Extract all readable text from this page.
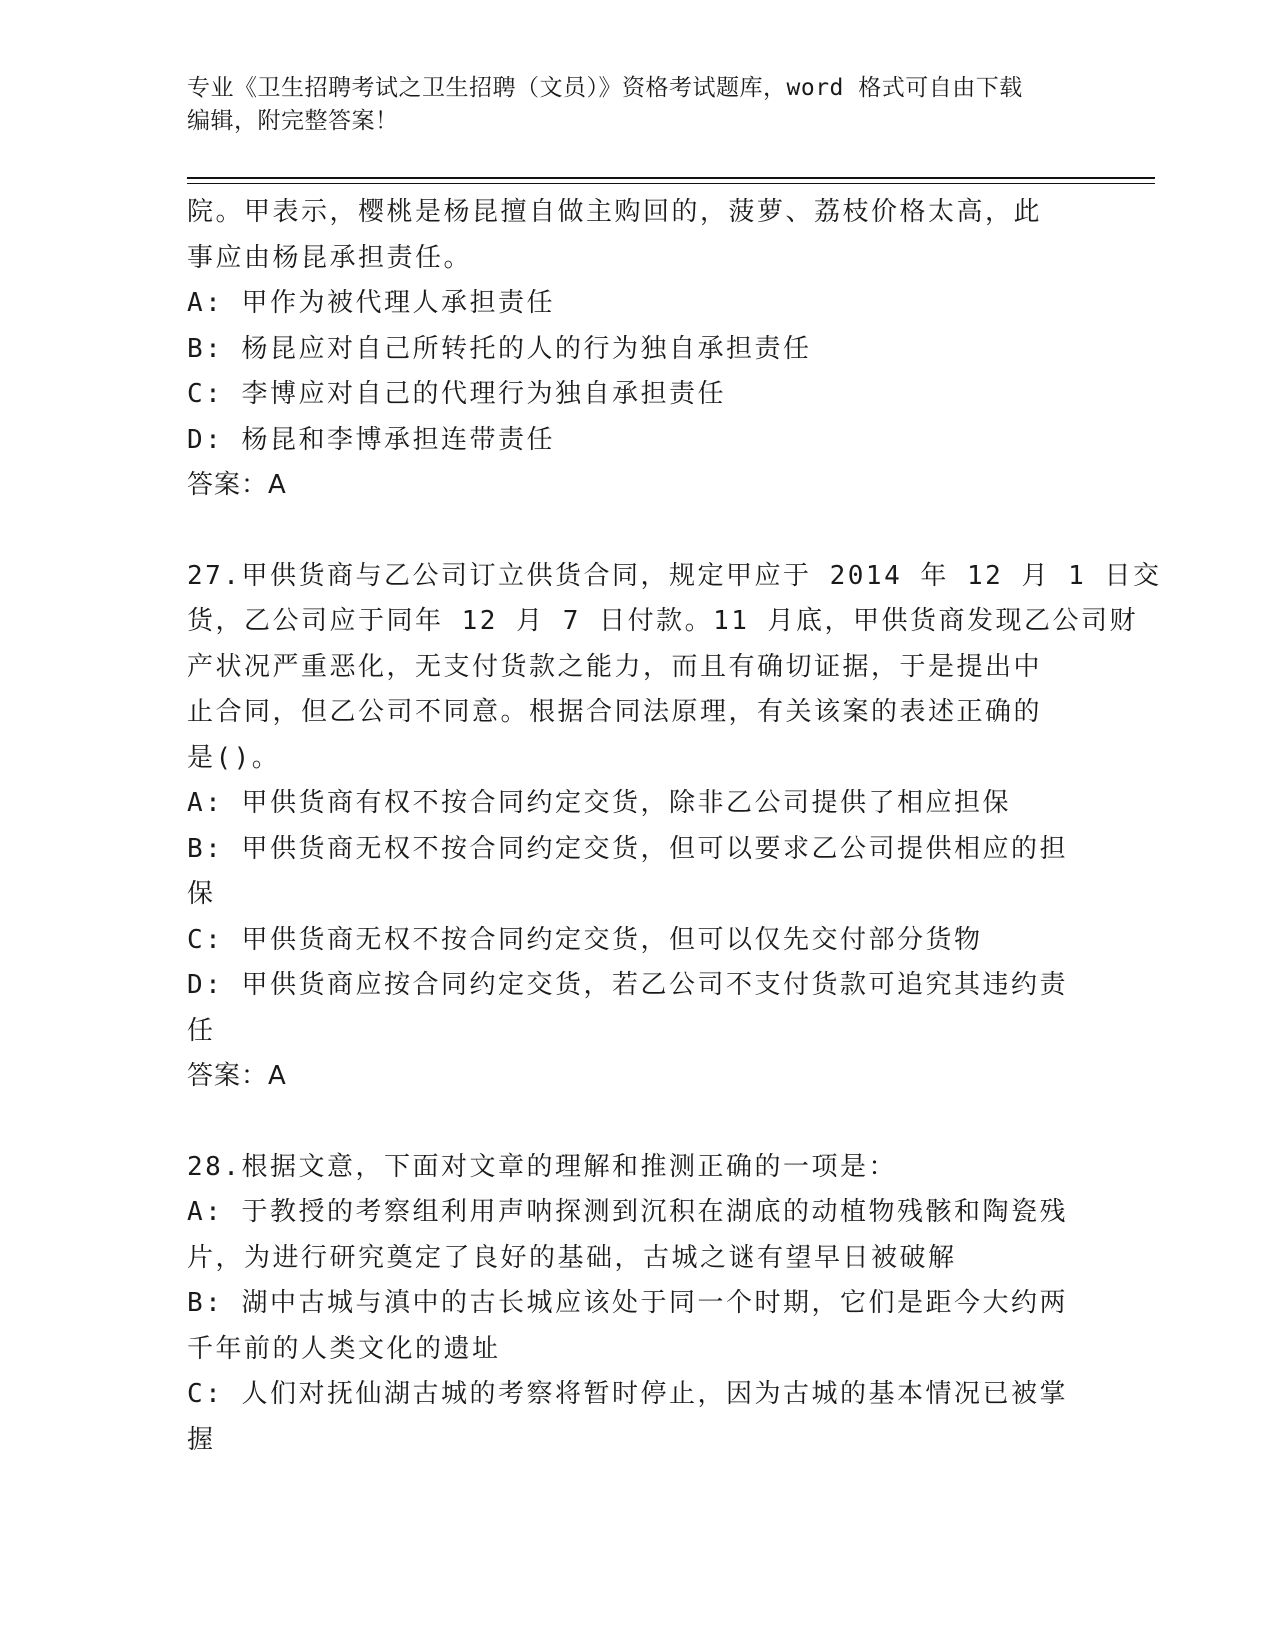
专业《卫生招聘考试之卫生招聘（文员）》资格考试题库，word 格式可自由下载
编辑，附完整答案！
院。甲表示，樱桃是杨昆擅自做主购回的，菠萝、荔枝价格太高，此
事应由杨昆承担责任。
A: 甲作为被代理人承担责任
B: 杨昆应对自己所转托的人的行为独自承担责任
C: 李博应对自己的代理行为独自承担责任
D: 杨昆和李博承担连带责任
答案：A
27.甲供货商与乙公司订立供货合同，规定甲应于 2014 年 12 月 1 日交
货，乙公司应于同年 12 月 7 日付款。11 月底，甲供货商发现乙公司财
产状况严重恶化，无支付货款之能力，而且有确切证据，于是提出中
止合同，但乙公司不同意。根据合同法原理，有关该案的表述正确的
是()。
A: 甲供货商有权不按合同约定交货，除非乙公司提供了相应担保
B: 甲供货商无权不按合同约定交货，但可以要求乙公司提供相应的担
保
C: 甲供货商无权不按合同约定交货，但可以仅先交付部分货物
D: 甲供货商应按合同约定交货，若乙公司不支付货款可追究其违约责
任
答案：A
28.根据文意，下面对文章的理解和推测正确的一项是：
A: 于教授的考察组利用声呐探测到沉积在湖底的动植物残骸和陶瓷残
片，为进行研究奠定了良好的基础，古城之谜有望早日被破解
B: 湖中古城与滇中的古长城应该处于同一个时期，它们是距今大约两
千年前的人类文化的遗址
C: 人们对抚仙湖古城的考察将暂时停止，因为古城的基本情况已被掌
握
